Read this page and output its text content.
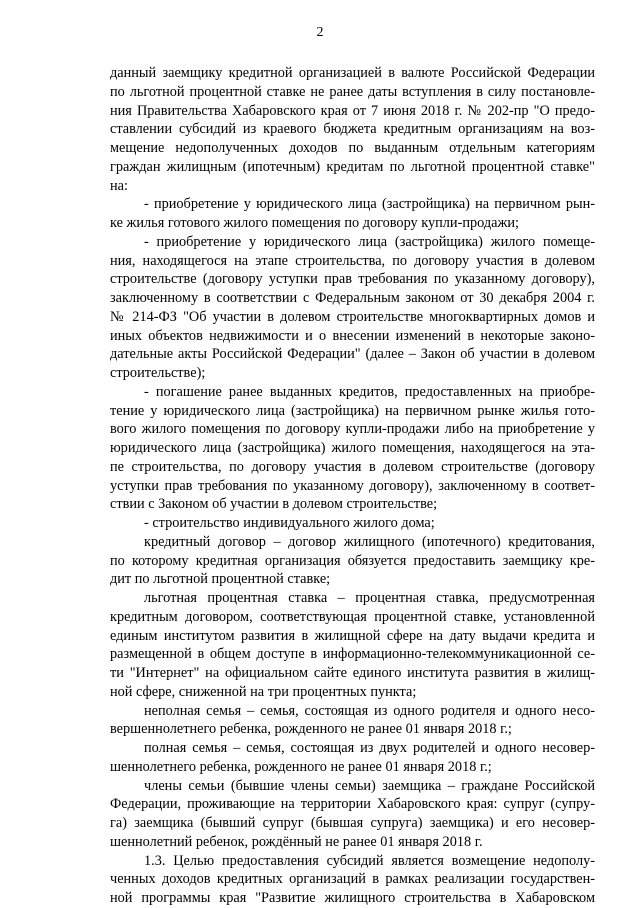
2
данный заемщику кредитной организацией в валюте Российской Федерации
по льготной процентной ставке не ранее даты вступления в силу постановле-
ния Правительства Хабаровского края от 7 июня 2018 г. № 202-пр "О предо-
ставлении субсидий из краевого бюджета кредитным организациям на воз-
мещение недополученных доходов по выданным отдельным категориям
граждан жилищным (ипотечным) кредитам по льготной процентной ставке"
на:
- приобретение у юридического лица (застройщика) на первичном рын-
ке жилья готового жилого помещения по договору купли-продажи;
- приобретение у юридического лица (застройщика) жилого помеще-
ния, находящегося на этапе строительства, по договору участия в долевом
строительстве (договору уступки прав требования по указанному договору),
заключенному в соответствии с Федеральным законом от 30 декабря 2004 г.
№ 214-ФЗ "Об участии в долевом строительстве многоквартирных домов и
иных объектов недвижимости и о внесении изменений в некоторые законо-
дательные акты Российской Федерации" (далее – Закон об участии в долевом
строительстве);
- погашение ранее выданных кредитов, предоставленных на приобре-
тение у юридического лица (застройщика) на первичном рынке жилья гото-
вого жилого помещения по договору купли-продажи либо на приобретение у
юридического лица (застройщика) жилого помещения, находящегося на эта-
пе строительства, по договору участия в долевом строительстве (договору
уступки прав требования по указанному договору), заключенному в соответ-
ствии с Законом об участии в долевом строительстве;
- строительство индивидуального жилого дома;
кредитный договор – договор жилищного (ипотечного) кредитования,
по которому кредитная организация обязуется предоставить заемщику кре-
дит по льготной процентной ставке;
льготная процентная ставка – процентная ставка, предусмотренная
кредитным договором, соответствующая процентной ставке, установленной
единым институтом развития в жилищной сфере на дату выдачи кредита и
размещенной в общем доступе в информационно-телекоммуникационной се-
ти "Интернет" на официальном сайте единого института развития в жилищ-
ной сфере, сниженной на три процентных пункта;
неполная семья – семья, состоящая из одного родителя и одного несо-
вершеннолетнего ребенка, рожденного не ранее 01 января 2018 г.;
полная семья – семья, состоящая из двух родителей и одного несовер-
шеннолетнего ребенка, рожденного не ранее 01 января 2018 г.;
члены семьи (бывшие члены семьи) заемщика – граждане Российской
Федерации, проживающие на территории Хабаровского края: супруг (супру-
га) заемщика (бывший супруг (бывшая супруга) заемщика) и его несовер-
шеннолетний ребенок, рождённый не ранее 01 января 2018 г.
1.3. Целью предоставления субсидий является возмещение недополу-
ченных доходов кредитных организаций в рамках реализации государствен-
ной программы края "Развитие жилищного строительства в Хабаровском
